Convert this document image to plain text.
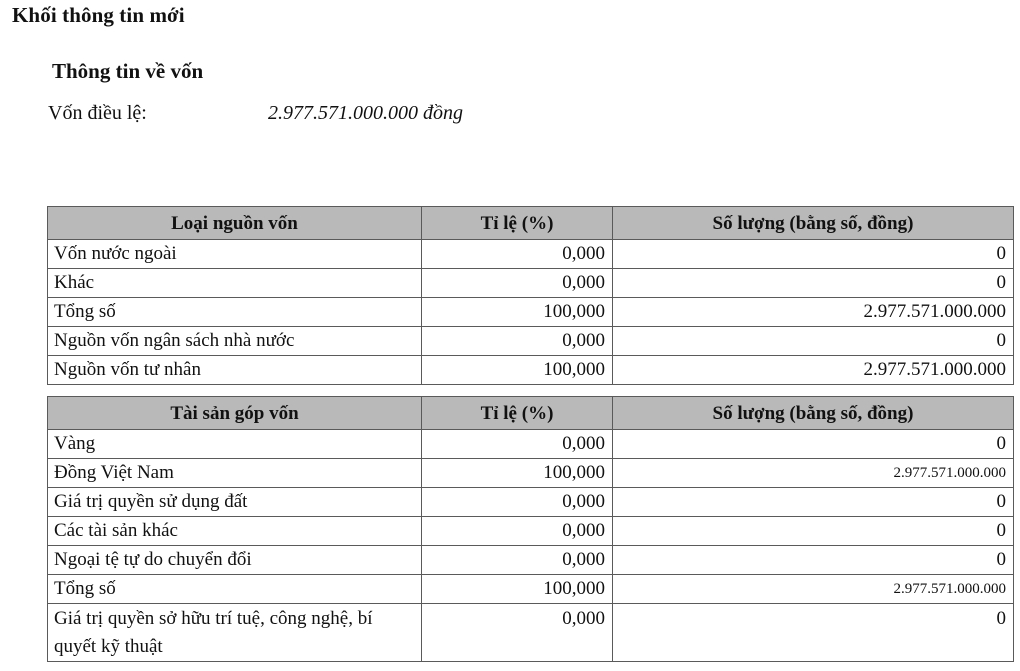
Khối thông tin mới
Thông tin về vốn
Vốn điều lệ:	2.977.571.000.000 đồng
Loại nguồn vốn	Tỉ lệ (%)	Số lượng (bằng số, đồng)
Vốn nước ngoài	0,000	0
Khác	0,000	0
Tổng số	100,000	2.977.571.000.000
Nguồn vốn ngân sách nhà nước	0,000	0
Nguồn vốn tư nhân	100,000	2.977.571.000.000
Tài sản góp vốn	Tỉ lệ (%)	Số lượng (bằng số, đồng)
Vàng	0,000	0
Đồng Việt Nam	100,000	2.977.571.000.000
Giá trị quyền sử dụng đất	0,000	0
Các tài sản khác	0,000	0
Ngoại tệ tự do chuyển đổi	0,000	0
Tổng số	100,000	2.977.571.000.000
Giá trị quyền sở hữu trí tuệ, công nghệ, bí quyết kỹ thuật	0,000	0
